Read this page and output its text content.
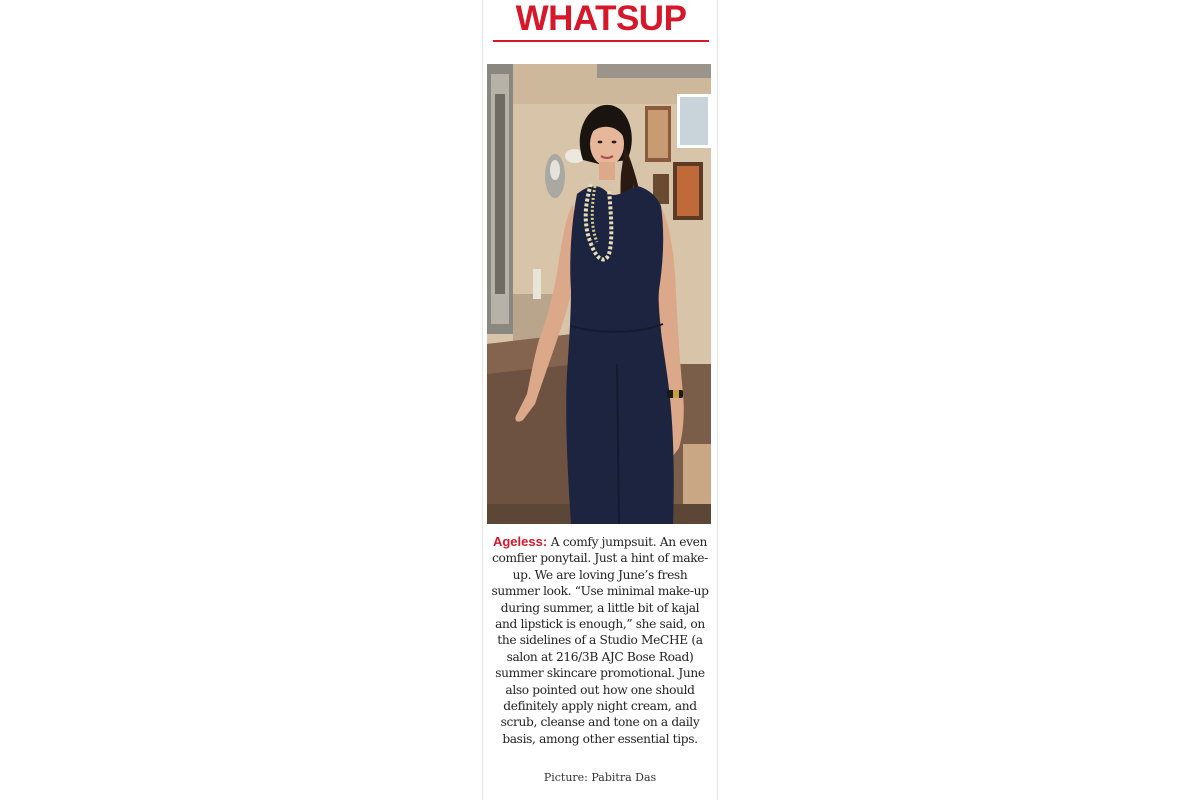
WHATSUP
Ageless: A comfy jumpsuit. An even comfier ponytail. Just a hint of make-up. We are loving June’s fresh summer look. “Use minimal make-up during summer, a little bit of kajal and lipstick is enough,” she said, on the sidelines of a Studio MeCHE (a salon at 216/3B AJC Bose Road) summer skincare promotional. June also pointed out how one should definitely apply night cream, and scrub, cleanse and tone on a daily basis, among other essential tips.
Picture: Pabitra Das
